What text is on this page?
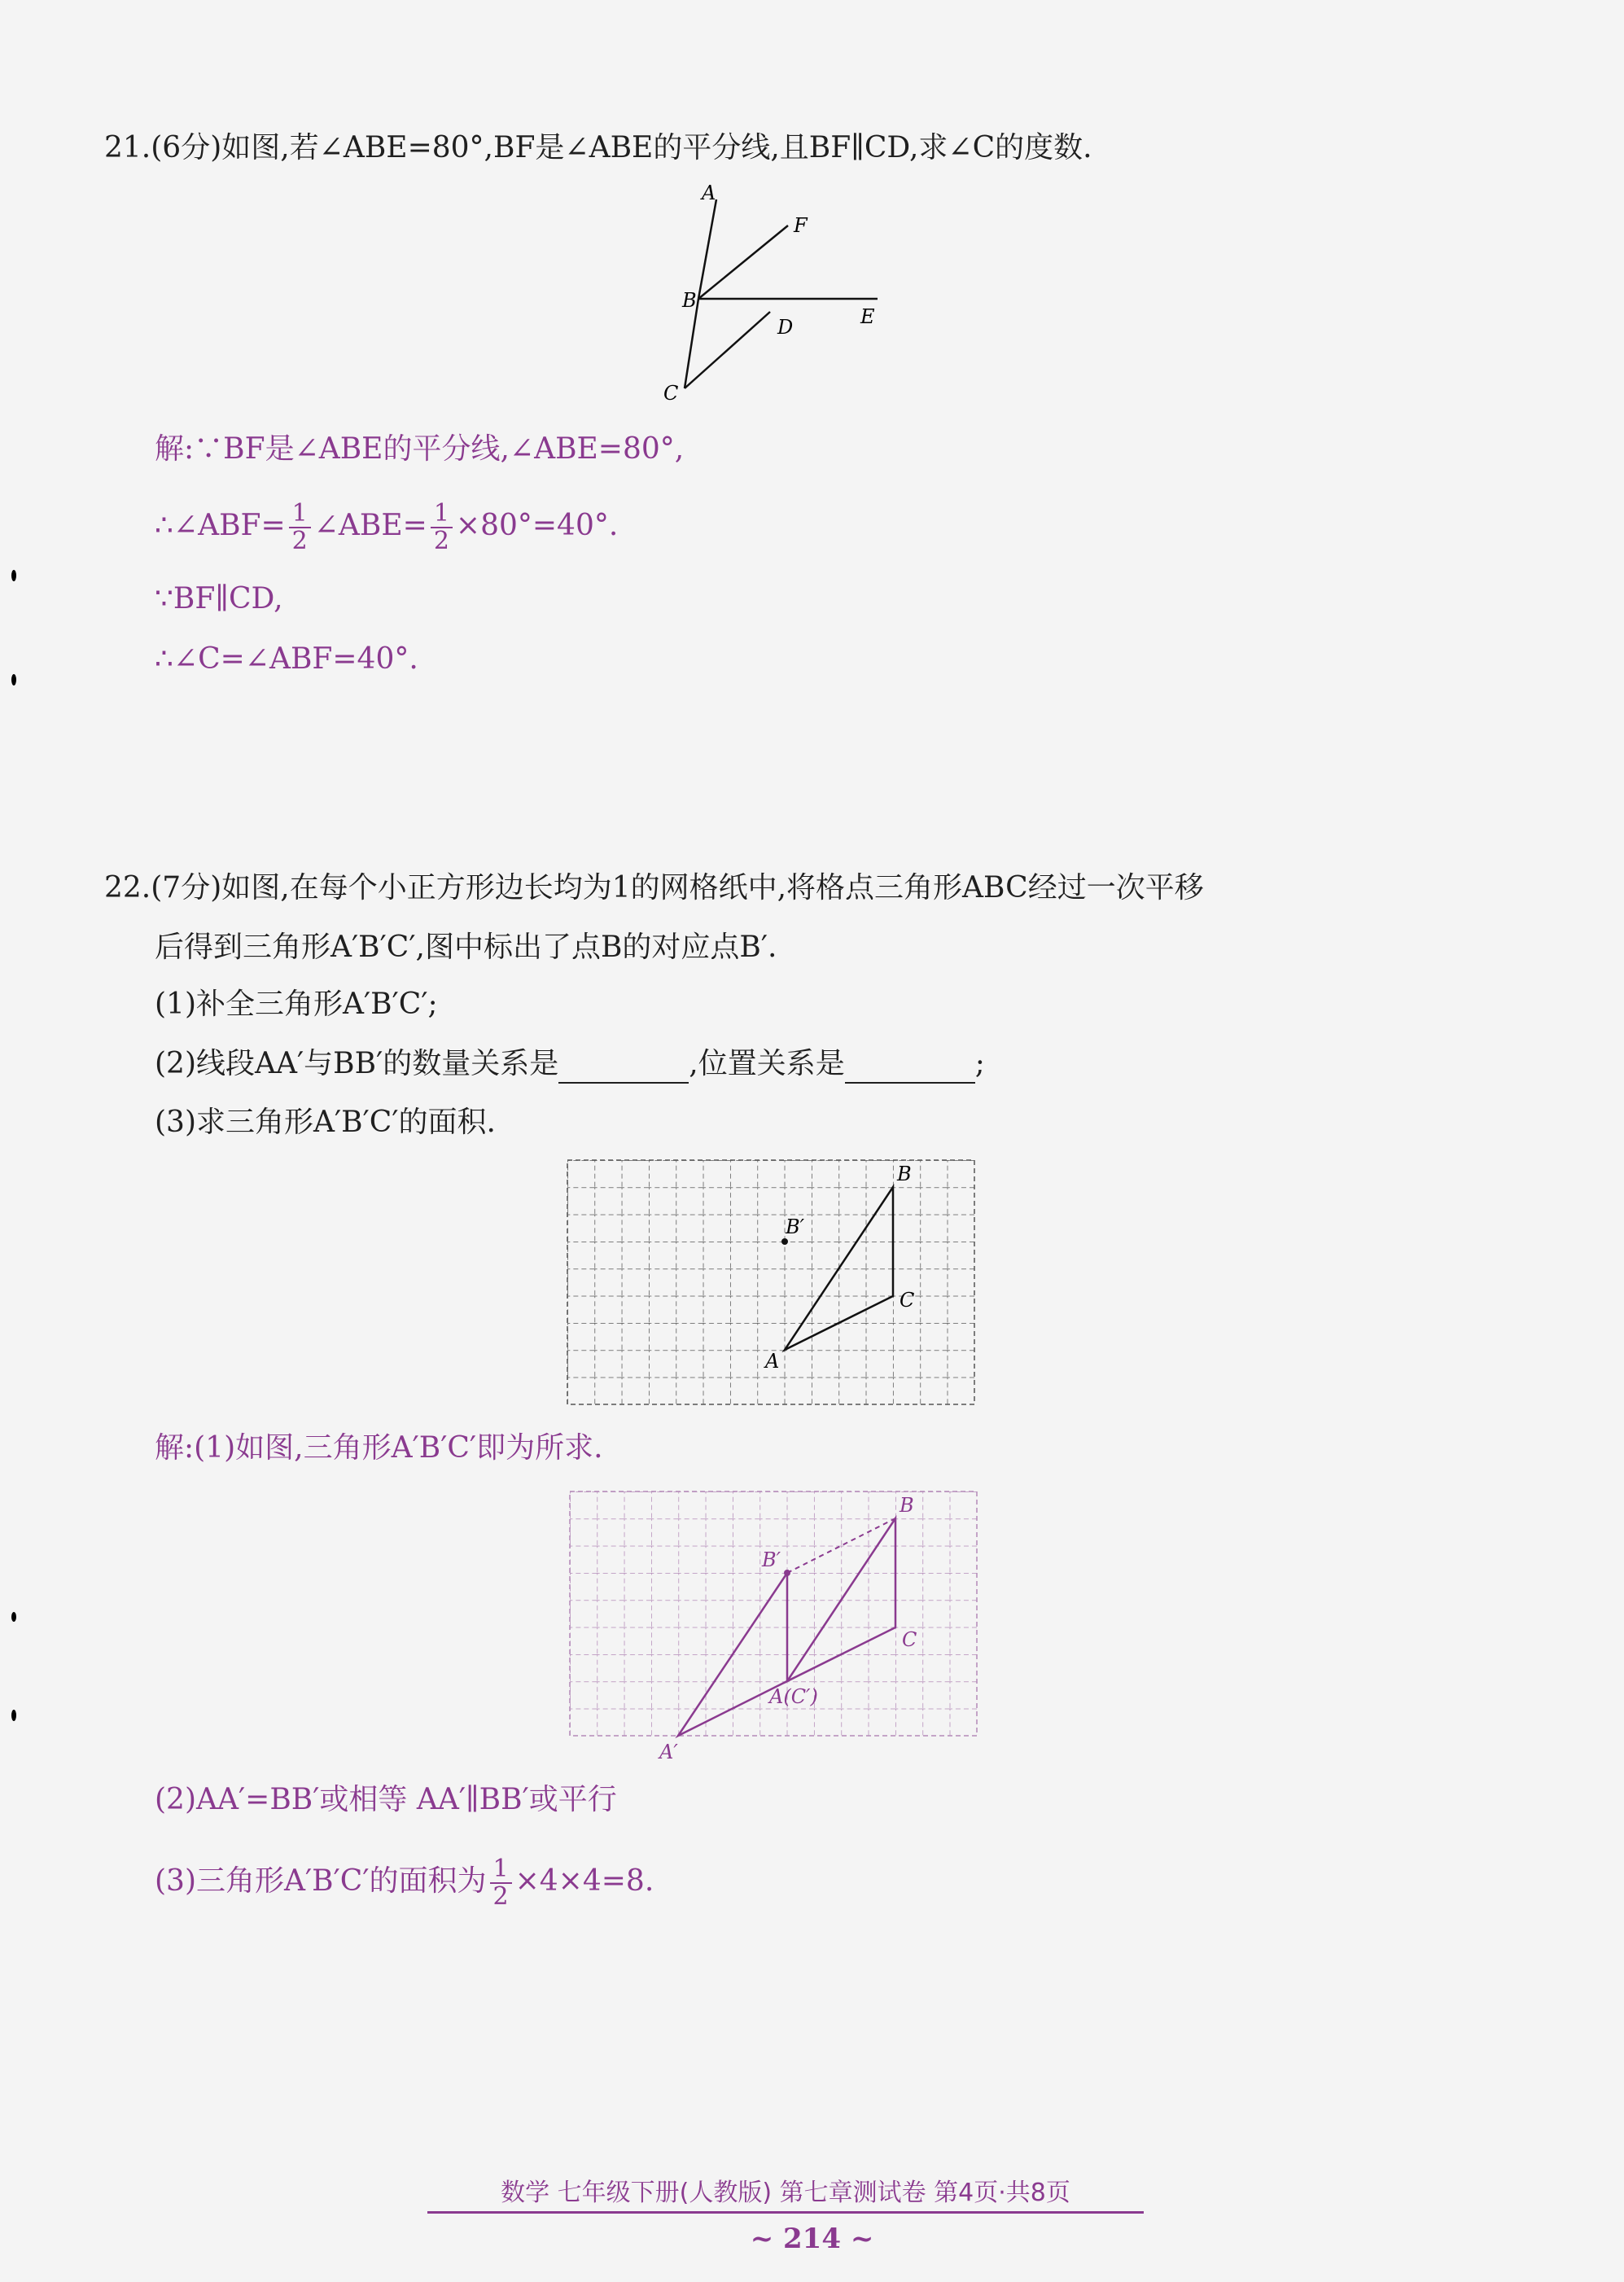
21.(6分)如图,若∠ABE=80°,BF是∠ABE的平分线,且BF∥CD,求∠C的度数.
A
F
B
E
D
C
解:∵BF是∠ABE的平分线,∠ABE=80°,
∴∠ABF= $\frac{1}{2}$ ∠ABE= $\frac{1}{2} \times 80^\circ=40^\circ$.
∵BF∥CD,
∴∠C=∠ABF=40°.
22.(7分)如图,在每个小正方形边长均为1的网格纸中,将格点三角形ABC经过一次平移
后得到三角形A′B′C′,图中标出了点B的对应点B′.
(1)补全三角形A′B′C′;
(2)线段AA′与BB′的数量关系是	,位置关系是	;
(3)求三角形A′B′C′的面积.
B
B′
C
A
解:(1)如图,三角形A′B′C′即为所求.
B
B′
C
A(C′)
A′
(2)AA′=BB′或相等 AA′∥BB′或平行
(3)三角形A′B′C′的面积为 $\frac{1}{2} \times 4\times 4=8$.
数学 七年级下册(人教版) 第七章测试卷 第4页·共8页
~ 214 ~
